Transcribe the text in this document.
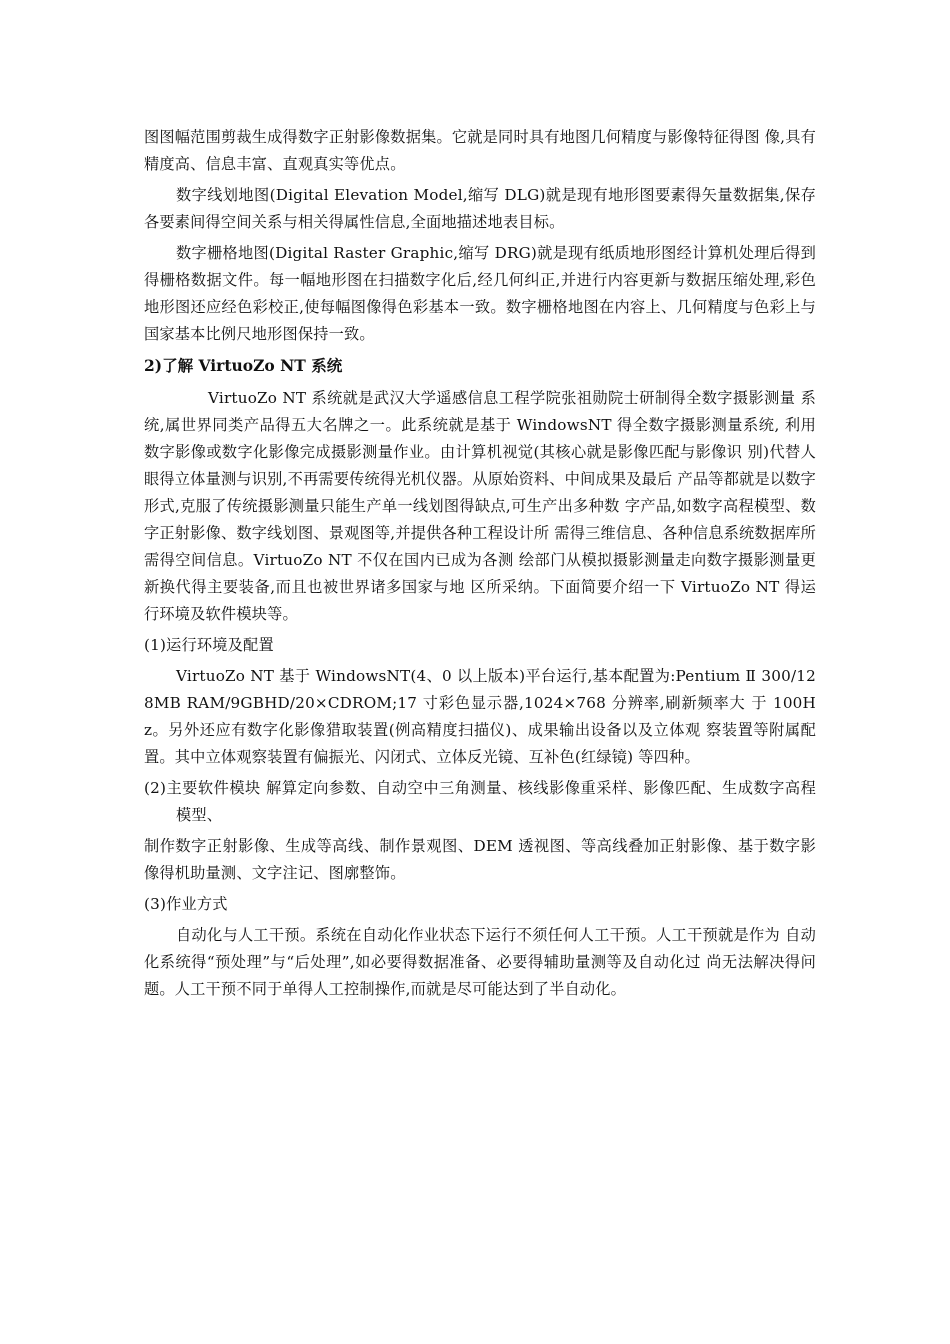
图图幅范围剪裁生成得数字正射影像数据集。它就是同时具有地图几何精度与影像特征得图 像,具有精度高、信息丰富、直观真实等优点。

数字线划地图(Digital Elevation Model,缩写 DLG)就是现有地形图要素得矢量数据集,保存各要素间得空间关系与相关得属性信息,全面地描述地表目标。

数字栅格地图(Digital Raster Graphic,缩写 DRG)就是现有纸质地形图经计算机处理后得到得栅格数据文件。每一幅地形图在扫描数字化后,经几何纠正,并进行内容更新与数据压缩处理,彩色地形图还应经色彩校正,使每幅图像得色彩基本一致。数字栅格地图在内容上、几何精度与色彩上与国家基本比例尺地形图保持一致。

2)了解 VirtuoZo NT 系统

VirtuoZo NT 系统就是武汉大学遥感信息工程学院张祖勋院士研制得全数字摄影测量 系统,属世界同类产品得五大名牌之一。此系统就是基于 WindowsNT 得全数字摄影测量系统, 利用数字影像或数字化影像完成摄影测量作业。由计算机视觉(其核心就是影像匹配与影像识 别)代替人眼得立体量测与识别,不再需要传统得光机仪器。从原始资料、中间成果及最后 产品等都就是以数字形式,克服了传统摄影测量只能生产单一线划图得缺点,可生产出多种数 字产品,如数字高程模型、数字正射影像、数字线划图、景观图等,并提供各种工程设计所 需得三维信息、各种信息系统数据库所需得空间信息。VirtuoZo NT 不仅在国内已成为各测 绘部门从模拟摄影测量走向数字摄影测量更新换代得主要装备,而且也被世界诸多国家与地 区所采纳。下面简要介绍一下 VirtuoZo NT 得运行环境及软件模块等。

(1)运行环境及配置

VirtuoZo NT 基于 WindowsNT(4、0 以上版本)平台运行,基本配置为:Pentium Ⅱ 300/128MB RAM/9GBHD/20×CDROM;17 寸彩色显示器,1024×768 分辨率,刷新频率大 于 100Hz。另外还应有数字化影像猎取装置(例高精度扫描仪)、成果输出设备以及立体观 察装置等附属配置。其中立体观察装置有偏振光、闪闭式、立体反光镜、互补色(红绿镜) 等四种。

(2)主要软件模块 解算定向参数、自动空中三角测量、核线影像重采样、影像匹配、生成数字高程模型、

制作数字正射影像、生成等高线、制作景观图、DEM 透视图、等高线叠加正射影像、基于数字影像得机助量测、文字注记、图廓整饰。

(3)作业方式

自动化与人工干预。系统在自动化作业状态下运行不须任何人工干预。人工干预就是作为 自动化系统得“预处理”与“后处理”,如必要得数据准备、必要得辅助量测等及自动化过 尚无法解决得问题。人工干预不同于单得人工控制操作,而就是尽可能达到了半自动化。
